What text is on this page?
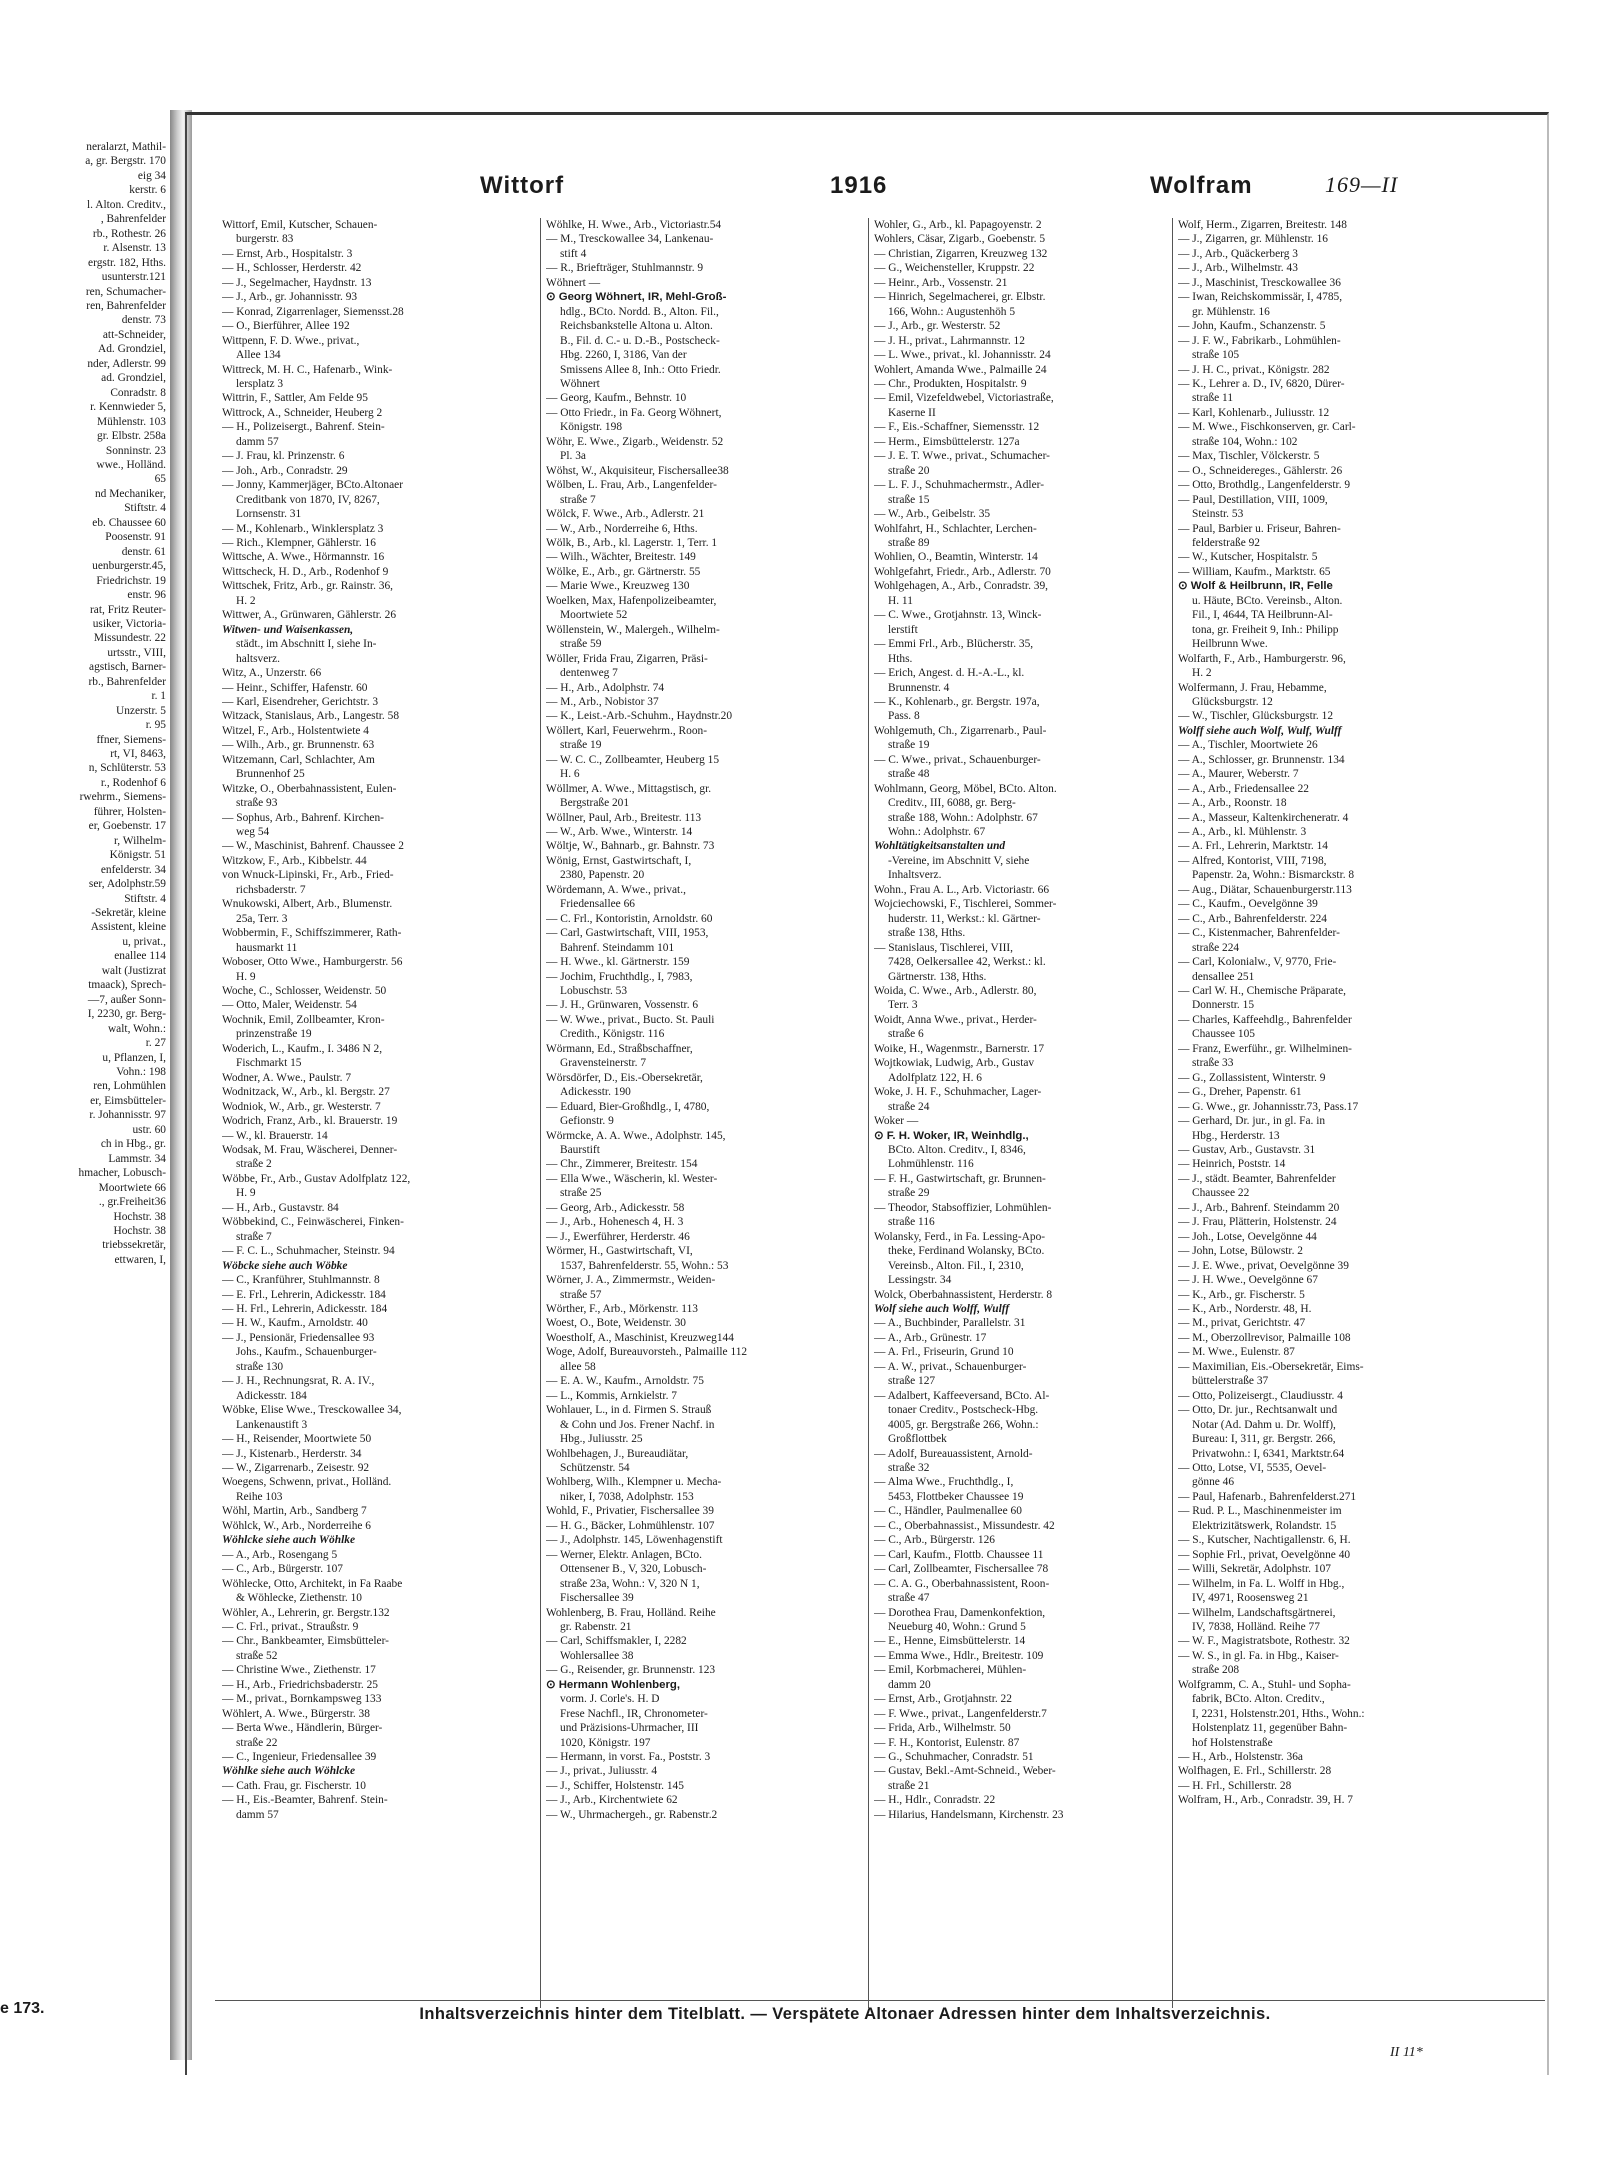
neralarzt, Mathil-
a, gr. Bergstr. 170
eig 34
kerstr. 6
l. Alton. Creditv.,
, Bahrenfelder
rb., Rothestr. 26
r. Alsenstr. 13
ergstr. 182, Hths.
usunterstr.121
ren, Schumacher-
ren, Bahrenfelder
denstr. 73
att-Schneider,
Ad. Grondziel,
nder, Adlerstr. 99
ad. Grondziel,
Conradstr. 8
r. Kennwieder 5,
Mühlenstr. 103
gr. Elbstr. 258a
Sonninstr. 23
wwe., Holländ.
65
nd Mechaniker,
Stiftstr. 4
eb. Chaussee 60
Poosenstr. 91
denstr. 61
uenburgerstr.45,
Friedrichstr. 19
enstr. 96
rat, Fritz Reuter-
usiker, Victoria-
Missundestr. 22
urtsstr., VIII,
agstisch, Barner-
rb., Bahrenfelder
r. 1
Unzerstr. 5
r. 95
ffner, Siemens-
rt, VI, 8463,
n, Schlüterstr. 53
r., Rodenhof 6
rwehrm., Siemens-
führer, Holsten-
er, Goebenstr. 17
r, Wilhelm-
Königstr. 51
enfelderstr. 34
ser, Adolphstr.59
Stiftstr. 4
-Sekretär, kleine
Assistent, kleine
u, privat.,
enallee 114
walt (Justizrat
tmaack), Sprech-
—7, außer Sonn-
I, 2230, gr. Berg-
walt, Wohn.:
r. 27
u, Pflanzen, I,
Vohn.: 198
ren, Lohmühlen
er, Eimsbütteler-
r. Johannisstr. 97
ustr. 60
ch in Hbg., gr.
Lammstr. 34
hmacher, Lobusch-
Moortwiete 66
., gr.Freiheit36
Hochstr. 38
Hochstr. 38
triebssekretär,
ettwaren, I,
e 173.
Wittorf	1916	Wolfram	169—II
Wittorf, Emil, Kutscher, Schauen-
burgerstr. 83
— Ernst, Arb., Hospitalstr. 3
— H., Schlosser, Herderstr. 42
— J., Segelmacher, Haydnstr. 13
— J., Arb., gr. Johannisstr. 93
— Konrad, Zigarrenlager, Siemensst.28
— O., Bierführer, Allee 192
Wittpenn, F. D. Wwe., privat.,
Allee 134
Wittreck, M. H. C., Hafenarb., Wink-
lersplatz 3
Wittrin, F., Sattler, Am Felde 95
Wittrock, A., Schneider, Heuberg 2
— H., Polizeisergt., Bahrenf. Stein-
damm 57
— J. Frau, kl. Prinzenstr. 6
— Joh., Arb., Conradstr. 29
— Jonny, Kammerjäger, BCto.Altonaer
Creditbank von 1870, IV, 8267,
Lornsenstr. 31
— M., Kohlenarb., Winklersplatz 3
— Rich., Klempner, Gählerstr. 16
Wittsche, A. Wwe., Hörmannstr. 16
Wittscheck, H. D., Arb., Rodenhof 9
Wittschek, Fritz, Arb., gr. Rainstr. 36,
H. 2
Wittwer, A., Grünwaren, Gählerstr. 26
Witwen- und Waisenkassen,
städt., im Abschnitt I, siehe In-
haltsverz.
Witz, A., Unzerstr. 66
— Heinr., Schiffer, Hafenstr. 60
— Karl, Eisendreher, Gerichtstr. 3
Witzack, Stanislaus, Arb., Langestr. 58
Witzel, F., Arb., Holstentwiete 4
— Wilh., Arb., gr. Brunnenstr. 63
Witzemann, Carl, Schlachter, Am
Brunnenhof 25
Witzke, O., Oberbahnassistent, Eulen-
straße 93
— Sophus, Arb., Bahrenf. Kirchen-
weg 54
— W., Maschinist, Bahrenf. Chaussee 2
Witzkow, F., Arb., Kibbelstr. 44
von Wnuck-Lipinski, Fr., Arb., Fried-
richsbaderstr. 7
Wnukowski, Albert, Arb., Blumenstr.
25a, Terr. 3
Wobbermin, F., Schiffszimmerer, Rath-
hausmarkt 11
Woboser, Otto Wwe., Hamburgerstr. 56
H. 9
Woche, C., Schlosser, Weidenstr. 50
— Otto, Maler, Weidenstr. 54
Wochnik, Emil, Zollbeamter, Kron-
prinzenstraße 19
Woderich, L., Kaufm., I. 3486 N 2,
Fischmarkt 15
Wodner, A. Wwe., Paulstr. 7
Wodnitzack, W., Arb., kl. Bergstr. 27
Wodniok, W., Arb., gr. Westerstr. 7
Wodrich, Franz, Arb., kl. Brauerstr. 19
— W., kl. Brauerstr. 14
Wodsak, M. Frau, Wäscherei, Denner-
straße 2
Wöbbe, Fr., Arb., Gustav Adolfplatz 122,
H. 9
— H., Arb., Gustavstr. 84
Wöbbekind, C., Feinwäscherei, Finken-
straße 7
— F. C. L., Schuhmacher, Steinstr. 94
Wöbcke siehe auch Wöbke
— C., Kranführer, Stuhlmannstr. 8
— E. Frl., Lehrerin, Adickesstr. 184
— H. Frl., Lehrerin, Adickesstr. 184
— H. W., Kaufm., Arnoldstr. 40
— J., Pensionär, Friedensallee 93
Johs., Kaufm., Schauenburger-
straße 130
— J. H., Rechnungsrat, R. A. IV.,
Adickesstr. 184
Wöbke, Elise Wwe., Tresckowallee 34,
Lankenaustift 3
— H., Reisender, Moortwiete 50
— J., Kistenarb., Herderstr. 34
— W., Zigarrenarb., Zeisestr. 92
Woegens, Schwenn, privat., Holländ.
Reihe 103
Wöhl, Martin, Arb., Sandberg 7
Wöhlck, W., Arb., Norderreihe 6
Wöhlcke siehe auch Wöhlke
— A., Arb., Rosengang 5
— C., Arb., Bürgerstr. 107
Wöhlecke, Otto, Architekt, in Fa Raabe
& Wöhlecke, Ziethenstr. 10
Wöhler, A., Lehrerin, gr. Bergstr.132
— C. Frl., privat., Straußstr. 9
— Chr., Bankbeamter, Eimsbütteler-
straße 52
— Christine Wwe., Ziethenstr. 17
— H., Arb., Friedrichsbaderstr. 25
— M., privat., Bornkampsweg 133
Wöhlert, A. Wwe., Bürgerstr. 38
— Berta Wwe., Händlerin, Bürger-
straße 22
— C., Ingenieur, Friedensallee 39
Wöhlke siehe auch Wöhlcke
— Cath. Frau, gr. Fischerstr. 10
— H., Eis.-Beamter, Bahrenf. Stein-
damm 57
Wöhlke, H. Wwe., Arb., Victoriastr.54
— M., Tresckowallee 34, Lankenau-
stift 4
— R., Briefträger, Stuhlmannstr. 9
Wöhnert —
⊙ Georg Wöhnert, IR, Mehl-Groß-
hdlg., BCto. Nordd. B., Alton. Fil.,
Reichsbankstelle Altona u. Alton.
B., Fil. d. C.- u. D.-B., Postscheck-
Hbg. 2260, I, 3186, Van der
Smissens Allee 8, Inh.: Otto Friedr.
Wöhnert
— Georg, Kaufm., Behnstr. 10
— Otto Friedr., in Fa. Georg Wöhnert,
Königstr. 198
Wöhr, E. Wwe., Zigarb., Weidenstr. 52
Pl. 3a
Wöhst, W., Akquisiteur, Fischersallee38
Wölben, L. Frau, Arb., Langenfelder-
straße 7
Wölck, F. Wwe., Arb., Adlerstr. 21
— W., Arb., Norderreihe 6, Hths.
Wölk, B., Arb., kl. Lagerstr. 1, Terr. 1
— Wilh., Wächter, Breitestr. 149
Wölke, E., Arb., gr. Gärtnerstr. 55
— Marie Wwe., Kreuzweg 130
Woelken, Max, Hafenpolizeibeamter,
Moortwiete 52
Wöllenstein, W., Malergeh., Wilhelm-
straße 59
Wöller, Frida Frau, Zigarren, Präsi-
dentenweg 7
— H., Arb., Adolphstr. 74
— M., Arb., Nobistor 37
— K., Leist.-Arb.-Schuhm., Haydnstr.20
Wöllert, Karl, Feuerwehrm., Roon-
straße 19
— W. C. C., Zollbeamter, Heuberg 15
H. 6
Wöllmer, A. Wwe., Mittagstisch, gr.
Bergstraße 201
Wöllner, Paul, Arb., Breitestr. 113
— W., Arb. Wwe., Winterstr. 14
Wöltje, W., Bahnarb., gr. Bahnstr. 73
Wönig, Ernst, Gastwirtschaft, I,
2380, Papenstr. 20
Wördemann, A. Wwe., privat.,
Friedensallee 66
— C. Frl., Kontoristin, Arnoldstr. 60
— Carl, Gastwirtschaft, VIII, 1953,
Bahrenf. Steindamm 101
— H. Wwe., kl. Gärtnerstr. 159
— Jochim, Fruchthdlg., I, 7983,
Lobuschstr. 53
— J. H., Grünwaren, Vossenstr. 6
— W. Wwe., privat., Bucto. St. Pauli
Credith., Königstr. 116
Wörmann, Ed., Straßbschaffner,
Gravensteinerstr. 7
Wörsdörfer, D., Eis.-Obersekretär,
Adickesstr. 190
— Eduard, Bier-Großhdlg., I, 4780,
Gefionstr. 9
Wörmcke, A. A. Wwe., Adolphstr. 145,
Baurstift
— Chr., Zimmerer, Breitestr. 154
— Ella Wwe., Wäscherin, kl. Wester-
straße 25
— Georg, Arb., Adickesstr. 58
— J., Arb., Hohenesch 4, H. 3
— J., Ewerführer, Herderstr. 46
Wörmer, H., Gastwirtschaft, VI,
1537, Bahrenfelderstr. 55, Wohn.: 53
Wörner, J. A., Zimmermstr., Weiden-
straße 57
Wörther, F., Arb., Mörkenstr. 113
Woest, O., Bote, Weidenstr. 30
Woestholf, A., Maschinist, Kreuzweg144
Woge, Adolf, Bureauvorsteh., Palmaille 112
allee 58
— E. A. W., Kaufm., Arnoldstr. 75
— L., Kommis, Arnkielstr. 7
Wohlauer, L., in d. Firmen S. Strauß
& Cohn und Jos. Frener Nachf. in
Hbg., Juliusstr. 25
Wohlbehagen, J., Bureaudiätar,
Schützenstr. 54
Wohlberg, Wilh., Klempner u. Mecha-
niker, I, 7038, Adolphstr. 153
Wohld, F., Privatier, Fischersallee 39
— H. G., Bäcker, Lohmühlenstr. 107
— J., Adolphstr. 145, Löwenhagenstift
— Werner, Elektr. Anlagen, BCto.
Ottensener B., V, 320, Lobusch-
straße 23a, Wohn.: V, 320 N 1,
Fischersallee 39
Wohlenberg, B. Frau, Holländ. Reihe
gr. Rabenstr. 21
— Carl, Schiffsmakler, I, 2282
Wohlersallee 38
— G., Reisender, gr. Brunnenstr. 123
⊙ Hermann Wohlenberg,
vorm. J. Corle's. H. D
Frese Nachfl., IR, Chronometer-
und Präzisions-Uhrmacher, III
1020, Königstr. 197
— Hermann, in vorst. Fa., Poststr. 3
— J., privat., Juliusstr. 4
— J., Schiffer, Holstenstr. 145
— J., Arb., Kirchentwiete 62
— W., Uhrmachergeh., gr. Rabenstr.2
Wohler, G., Arb., kl. Papagoyenstr. 2
Wohlers, Cäsar, Zigarb., Goebenstr. 5
— Christian, Zigarren, Kreuzweg 132
— G., Weichensteller, Kruppstr. 22
— Heinr., Arb., Vossenstr. 21
— Hinrich, Segelmacherei, gr. Elbstr.
166, Wohn.: Augustenhöh 5
— J., Arb., gr. Westerstr. 52
— J. H., privat., Lahrmannstr. 12
— L. Wwe., privat., kl. Johannisstr. 24
Wohlert, Amanda Wwe., Palmaille 24
— Chr., Produkten, Hospitalstr. 9
— Emil, Vizefeldwebel, Victoriastraße,
Kaserne II
— F., Eis.-Schaffner, Siemensstr. 12
— Herm., Eimsbüttelerstr. 127a
— J. E. T. Wwe., privat., Schumacher-
straße 20
— L. F. J., Schuhmachermstr., Adler-
straße 15
— W., Arb., Geibelstr. 35
Wohlfahrt, H., Schlachter, Lerchen-
straße 89
Wohlien, O., Beamtin, Winterstr. 14
Wohlgefahrt, Friedr., Arb., Adlerstr. 70
Wohlgehagen, A., Arb., Conradstr. 39,
H. 11
— C. Wwe., Grotjahnstr. 13, Winck-
lerstift
— Emmi Frl., Arb., Blücherstr. 35,
Hths.
— Erich, Angest. d. H.-A.-L., kl.
Brunnenstr. 4
— K., Kohlenarb., gr. Bergstr. 197a,
Pass. 8
Wohlgemuth, Ch., Zigarrenarb., Paul-
straße 19
— C. Wwe., privat., Schauenburger-
straße 48
Wohlmann, Georg, Möbel, BCto. Alton.
Creditv., III, 6088, gr. Berg-
straße 188, Wohn.: Adolphstr. 67
Wohn.: Adolphstr. 67
Wohltätigkeitsanstalten und
-Vereine, im Abschnitt V, siehe
Inhaltsverz.
Wohn., Frau A. L., Arb. Victoriastr. 66
Wojciechowski, F., Tischlerei, Sommer-
huderstr. 11, Werkst.: kl. Gärtner-
straße 138, Hths.
— Stanislaus, Tischlerei, VIII,
7428, Oelkersallee 42, Werkst.: kl.
Gärtnerstr. 138, Hths.
Woida, C. Wwe., Arb., Adlerstr. 80,
Terr. 3
Woidt, Anna Wwe., privat., Herder-
straße 6
Woike, H., Wagenmstr., Barnerstr. 17
Wojtkowiak, Ludwig, Arb., Gustav
Adolfplatz 122, H. 6
Woke, J. H. F., Schuhmacher, Lager-
straße 24
Woker —
⊙ F. H. Woker, IR, Weinhdlg.,
BCto. Alton. Creditv., I, 8346,
Lohmühlenstr. 116
— F. H., Gastwirtschaft, gr. Brunnen-
straße 29
— Theodor, Stabsoffizier, Lohmühlen-
straße 116
Wolansky, Ferd., in Fa. Lessing-Apo-
theke, Ferdinand Wolansky, BCto.
Vereinsb., Alton. Fil., I, 2310,
Lessingstr. 34
Wolck, Oberbahnassistent, Herderstr. 8
Wolf siehe auch Wolff, Wulff
— A., Buchbinder, Parallelstr. 31
— A., Arb., Grünestr. 17
— A. Frl., Friseurin, Grund 10
— A. W., privat., Schauenburger-
straße 127
— Adalbert, Kaffeeversand, BCto. Al-
tonaer Creditv., Postscheck-Hbg.
4005, gr. Bergstraße 266, Wohn.:
Großflottbek
— Adolf, Bureauassistent, Arnold-
straße 32
— Alma Wwe., Fruchthdlg., I,
5453, Flottbeker Chaussee 19
— C., Händler, Paulmenallee 60
— C., Oberbahnassist., Missundestr. 42
— C., Arb., Bürgerstr. 126
— Carl, Kaufm., Flottb. Chaussee 11
— Carl, Zollbeamter, Fischersallee 78
— C. A. G., Oberbahnassistent, Roon-
straße 47
— Dorothea Frau, Damenkonfektion,
Neueburg 40, Wohn.: Grund 5
— E., Henne, Eimsbüttelerstr. 14
— Emma Wwe., Hdlr., Breitestr. 109
— Emil, Korbmacherei, Mühlen-
damm 20
— Ernst, Arb., Grotjahnstr. 22
— F. Wwe., privat., Langenfelderstr.7
— Frida, Arb., Wilhelmstr. 50
— F. H., Kontorist, Eulenstr. 87
— G., Schuhmacher, Conradstr. 51
— Gustav, Bekl.-Amt-Schneid., Weber-
straße 21
— H., Hdlr., Conradstr. 22
— Hilarius, Handelsmann, Kirchenstr. 23
Wolf, Herm., Zigarren, Breitestr. 148
— J., Zigarren, gr. Mühlenstr. 16
— J., Arb., Quäckerberg 3
— J., Arb., Wilhelmstr. 43
— J., Maschinist, Tresckowallee 36
— Iwan, Reichskommissär, I, 4785,
gr. Mühlenstr. 16
— John, Kaufm., Schanzenstr. 5
— J. F. W., Fabrikarb., Lohmühlen-
straße 105
— J. H. C., privat., Königstr. 282
— K., Lehrer a. D., IV, 6820, Dürer-
straße 11
— Karl, Kohlenarb., Juliusstr. 12
— M. Wwe., Fischkonserven, gr. Carl-
straße 104, Wohn.: 102
— Max, Tischler, Völckerstr. 5
— O., Schneidereges., Gählerstr. 26
— Otto, Brothdlg., Langenfelderstr. 9
— Paul, Destillation, VIII, 1009,
Steinstr. 53
— Paul, Barbier u. Friseur, Bahren-
felderstraße 92
— W., Kutscher, Hospitalstr. 5
— William, Kaufm., Marktstr. 65
⊙ Wolf & Heilbrunn, IR, Felle
u. Häute, BCto. Vereinsb., Alton.
Fil., I, 4644, TA Heilbrunn-Al-
tona, gr. Freiheit 9, Inh.: Philipp
Heilbrunn Wwe.
Wolfarth, F., Arb., Hamburgerstr. 96,
H. 2
Wolfermann, J. Frau, Hebamme,
Glücksburgstr. 12
— W., Tischler, Glücksburgstr. 12
Wolff siehe auch Wolf, Wulf, Wulff
— A., Tischler, Moortwiete 26
— A., Schlosser, gr. Brunnenstr. 134
— A., Maurer, Weberstr. 7
— A., Arb., Friedensallee 22
— A., Arb., Roonstr. 18
— A., Masseur, Kaltenkircheneratr. 4
— A., Arb., kl. Mühlenstr. 3
— A. Frl., Lehrerin, Marktstr. 14
— Alfred, Kontorist, VIII, 7198,
Papenstr. 2a, Wohn.: Bismarckstr. 8
— Aug., Diätar, Schauenburgerstr.113
— C., Kaufm., Oevelgönne 39
— C., Arb., Bahrenfelderstr. 224
— C., Kistenmacher, Bahrenfelder-
straße 224
— Carl, Kolonialw., V, 9770, Frie-
densallee 251
— Carl W. H., Chemische Präparate,
Donnerstr. 15
— Charles, Kaffeehdlg., Bahrenfelder
Chaussee 105
— Franz, Ewerführ., gr. Wilhelminen-
straße 33
— G., Zollassistent, Winterstr. 9
— G., Dreher, Papenstr. 61
— G. Wwe., gr. Johannisstr.73, Pass.17
— Gerhard, Dr. jur., in gl. Fa. in
Hbg., Herderstr. 13
— Gustav, Arb., Gustavstr. 31
— Heinrich, Poststr. 14
— J., städt. Beamter, Bahrenfelder
Chaussee 22
— J., Arb., Bahrenf. Steindamm 20
— J. Frau, Plätterin, Holstenstr. 24
— Joh., Lotse, Oevelgönne 44
— John, Lotse, Bülowstr. 2
— J. E. Wwe., privat, Oevelgönne 39
— J. H. Wwe., Oevelgönne 67
— K., Arb., gr. Fischerstr. 5
— K., Arb., Norderstr. 48, H.
— M., privat, Gerichtstr. 47
— M., Oberzollrevisor, Palmaille 108
— M. Wwe., Eulenstr. 87
— Maximilian, Eis.-Obersekretär, Eims-
büttelerstraße 37
— Otto, Polizeisergt., Claudiusstr. 4
— Otto, Dr. jur., Rechtsanwalt und
Notar (Ad. Dahm u. Dr. Wolff),
Bureau: I, 311, gr. Bergstr. 266,
Privatwohn.: I, 6341, Marktstr.64
— Otto, Lotse, VI, 5535, Oevel-
gönne 46
— Paul, Hafenarb., Bahrenfelderst.271
— Rud. P. L., Maschinenmeister im
Elektrizitätswerk, Rolandstr. 15
— S., Kutscher, Nachtigallenstr. 6, H.
— Sophie Frl., privat, Oevelgönne 40
— Willi, Sekretär, Adolphstr. 107
— Wilhelm, in Fa. L. Wolff in Hbg.,
IV, 4971, Roosensweg 21
— Wilhelm, Landschaftsgärtnerei,
IV, 7838, Holländ. Reihe 77
— W. F., Magistratsbote, Rothestr. 32
— W. S., in gl. Fa. in Hbg., Kaiser-
straße 208
Wolfgramm, C. A., Stuhl- und Sopha-
fabrik, BCto. Alton. Creditv.,
I, 2231, Holstenstr.201, Hths., Wohn.:
Holstenplatz 11, gegenüber Bahn-
hof Holstenstraße
— H., Arb., Holstenstr. 36a
Wolfhagen, E. Frl., Schillerstr. 28
— H. Frl., Schillerstr. 28
Wolfram, H., Arb., Conradstr. 39, H. 7
Inhaltsverzeichnis hinter dem Titelblatt. — Verspätete Altonaer Adressen hinter dem Inhaltsverzeichnis.
II 11*
